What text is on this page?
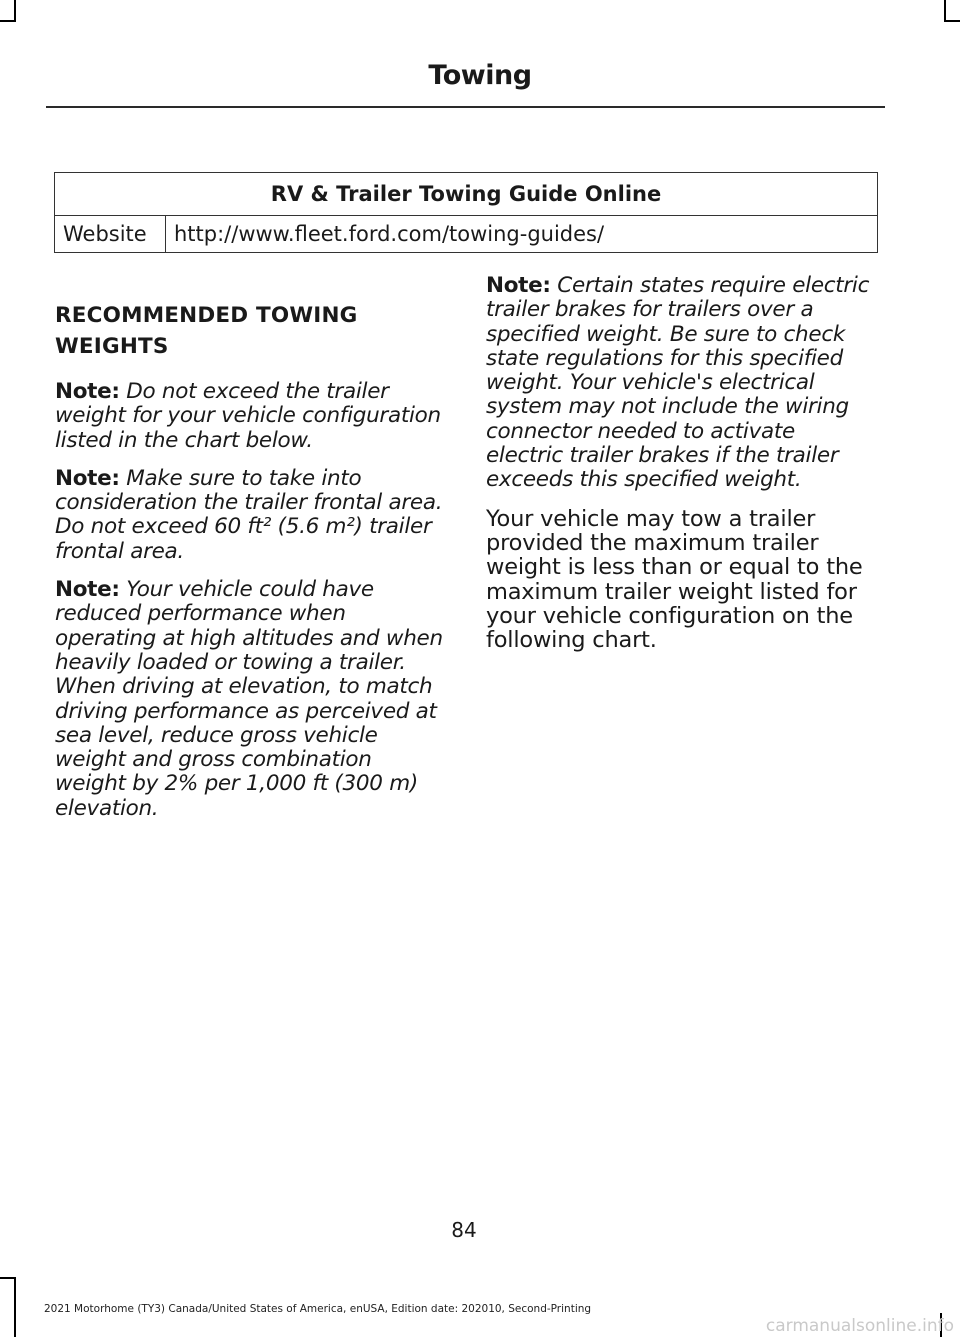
Towing
RV & Trailer Towing Guide Online
Website	http://www.fleet.ford.com/towing-guides/
RECOMMENDED TOWING WEIGHTS

Note: Do not exceed the trailer weight for your vehicle configuration listed in the chart below.

Note: Make sure to take into consideration the trailer frontal area. Do not exceed 60 ft² (5.6 m²) trailer frontal area.

Note: Your vehicle could have reduced performance when operating at high altitudes and when heavily loaded or towing a trailer. When driving at elevation, to match driving performance as perceived at sea level, reduce gross vehicle weight and gross combination weight by 2% per 1,000 ft (300 m) elevation.

Note: Certain states require electric trailer brakes for trailers over a specified weight. Be sure to check state regulations for this specified weight. Your vehicle's electrical system may not include the wiring connector needed to activate electric trailer brakes if the trailer exceeds this specified weight.

Your vehicle may tow a trailer provided the maximum trailer weight is less than or equal to the maximum trailer weight listed for your vehicle configuration on the following chart.

84
2021 Motorhome (TY3) Canada/United States of America, enUSA, Edition date: 202010, Second-Printing
carmanualsonline.info
